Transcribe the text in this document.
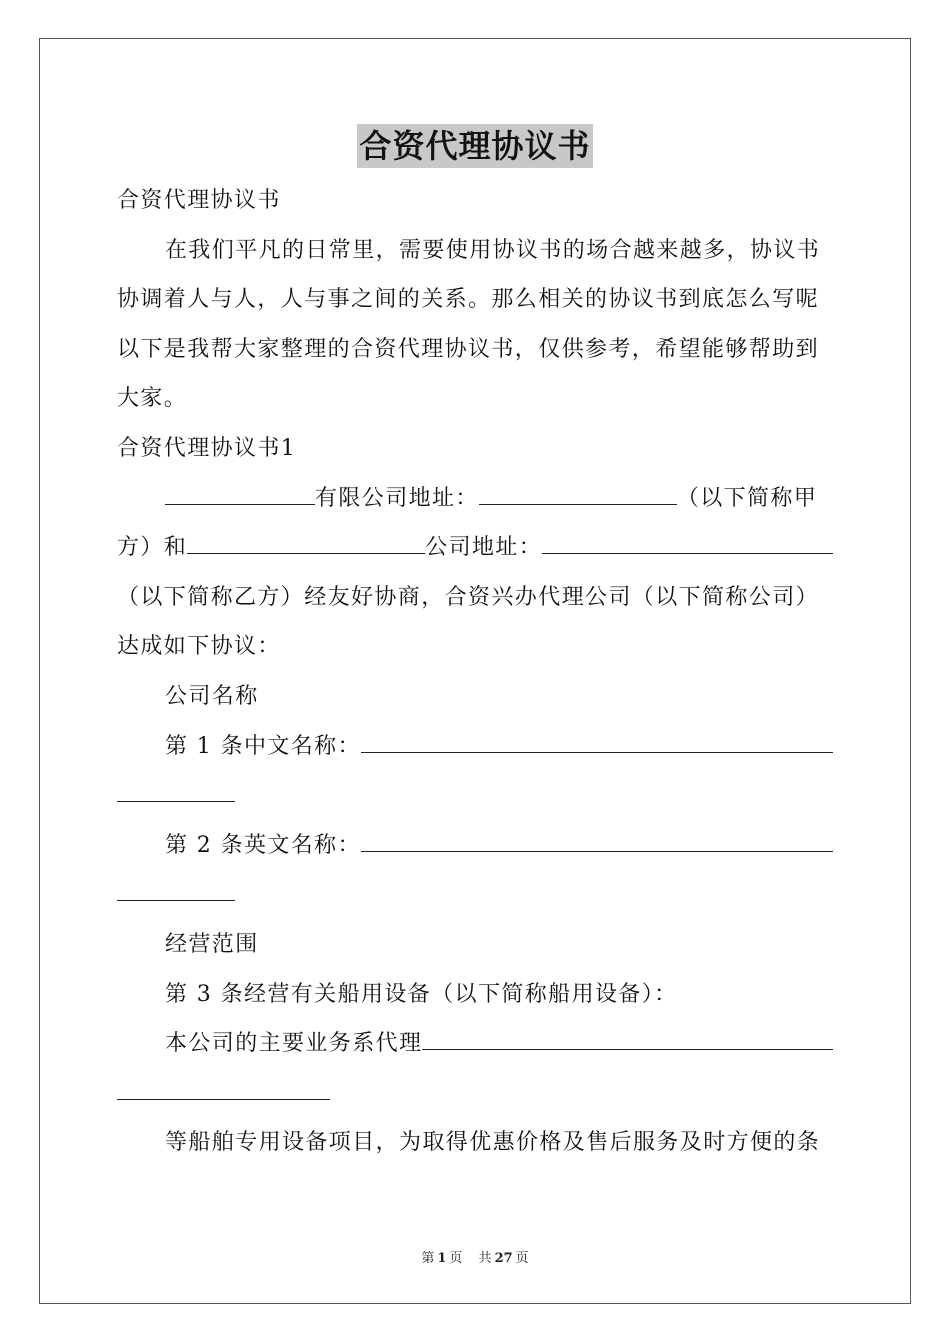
合资代理协议书
合资代理协议书
在我们平凡的日常里，需要使用协议书的场合越来越多，协议书
协调着人与人，人与事之间的关系。那么相关的协议书到底怎么写呢
以下是我帮大家整理的合资代理协议书，仅供参考，希望能够帮助到
大家。
合资代理协议书1
有限公司地址：	（以下简称甲
方）和	公司地址：
（以下简称乙方）经友好协商，合资兴办代理公司（以下简称公司）
达成如下协议：
公司名称
第 1 条中文名称：
第 2 条英文名称：
经营范围
第 3 条经营有关船用设备（以下简称船用设备）：
本公司的主要业务系代理
等船舶专用设备项目，为取得优惠价格及售后服务及时方便的条
第 1 页 共 27 页
